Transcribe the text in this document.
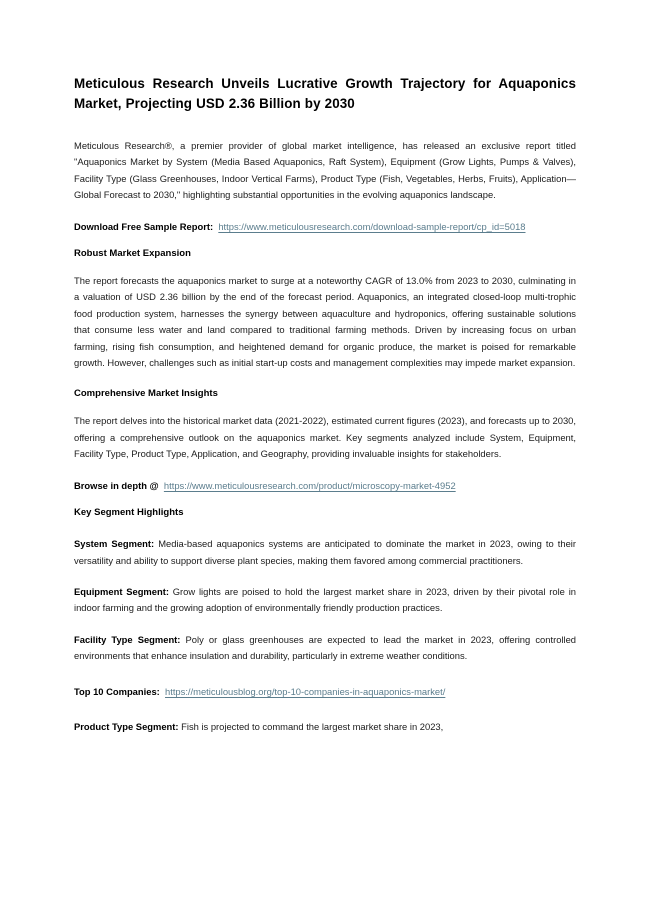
Meticulous Research Unveils Lucrative Growth Trajectory for Aquaponics Market, Projecting USD 2.36 Billion by 2030

Meticulous Research®, a premier provider of global market intelligence, has released an exclusive report titled "Aquaponics Market by System (Media Based Aquaponics, Raft System), Equipment (Grow Lights, Pumps & Valves), Facility Type (Glass Greenhouses, Indoor Vertical Farms), Product Type (Fish, Vegetables, Herbs, Fruits), Application—Global Forecast to 2030," highlighting substantial opportunities in the evolving aquaponics landscape.

Download Free Sample Report: https://www.meticulousresearch.com/download-sample-report/cp_id=5018

Robust Market Expansion

The report forecasts the aquaponics market to surge at a noteworthy CAGR of 13.0% from 2023 to 2030, culminating in a valuation of USD 2.36 billion by the end of the forecast period. Aquaponics, an integrated closed-loop multi-trophic food production system, harnesses the synergy between aquaculture and hydroponics, offering sustainable solutions that consume less water and land compared to traditional farming methods. Driven by increasing focus on urban farming, rising fish consumption, and heightened demand for organic produce, the market is poised for remarkable growth. However, challenges such as initial start-up costs and management complexities may impede market expansion.

Comprehensive Market Insights

The report delves into the historical market data (2021-2022), estimated current figures (2023), and forecasts up to 2030, offering a comprehensive outlook on the aquaponics market. Key segments analyzed include System, Equipment, Facility Type, Product Type, Application, and Geography, providing invaluable insights for stakeholders.

Browse in depth @ https://www.meticulousresearch.com/product/microscopy-market-4952

Key Segment Highlights

System Segment: Media-based aquaponics systems are anticipated to dominate the market in 2023, owing to their versatility and ability to support diverse plant species, making them favored among commercial practitioners.

Equipment Segment: Grow lights are poised to hold the largest market share in 2023, driven by their pivotal role in indoor farming and the growing adoption of environmentally friendly production practices.

Facility Type Segment: Poly or glass greenhouses are expected to lead the market in 2023, offering controlled environments that enhance insulation and durability, particularly in extreme weather conditions.

Top 10 Companies: https://meticulousblog.org/top-10-companies-in-aquaponics-market/

Product Type Segment: Fish is projected to command the largest market share in 2023,
